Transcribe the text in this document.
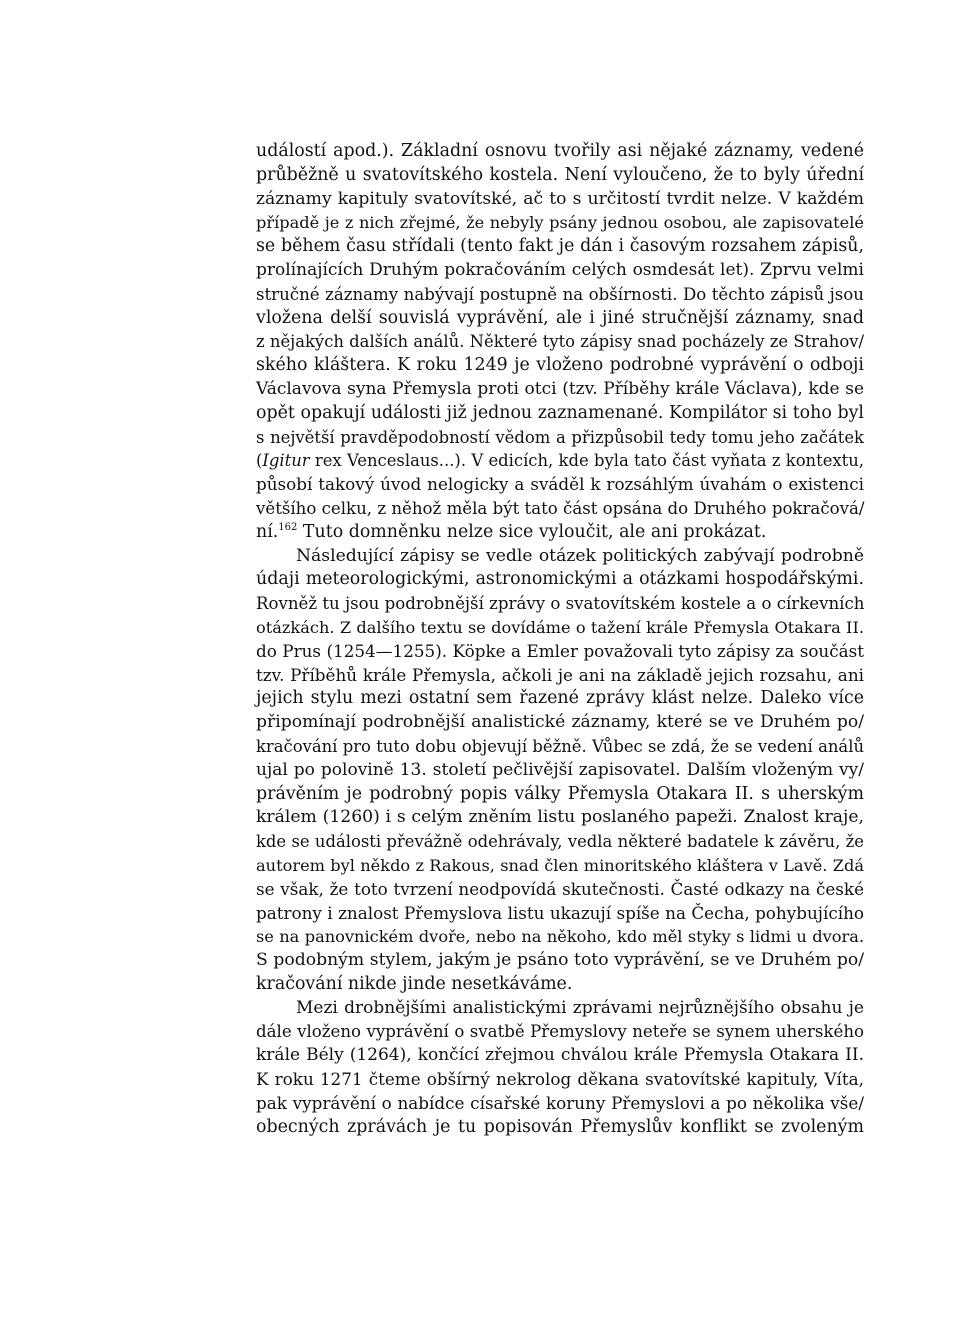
událostí apod.). Základní osnovu tvořily asi nějaké záznamy, vedené
průběžně u svatovítského kostela. Není vyloučeno, že to byly úřední
záznamy kapituly svatovítské, ač to s určitostí tvrdit nelze. V každém
případě je z nich zřejmé, že nebyly psány jednou osobou, ale zapisovatelé
se během času střídali (tento fakt je dán i časovým rozsahem zápisů,
prolínajících Druhým pokračováním celých osmdesát let). Zprvu velmi
stručné záznamy nabývají postupně na obšírnosti. Do těchto zápisů jsou
vložena delší souvislá vyprávění, ale i jiné stručnější záznamy, snad
z nějakých dalších análů. Některé tyto zápisy snad pocházely ze Strahov/
ského kláštera. K roku 1249 je vloženo podrobné vyprávění o odboji
Václavova syna Přemysla proti otci (tzv. Příběhy krále Václava), kde se
opět opakují události již jednou zaznamenané. Kompilátor si toho byl
s největší pravděpodobností vědom a přizpůsobil tedy tomu jeho začátek
(Igitur rex Venceslaus...). V edicích, kde byla tato část vyňata z kontextu,
působí takový úvod nelogicky a sváděl k rozsáhlým úvahám o existenci
většího celku, z něhož měla být tato část opsána do Druhého pokračová/
ní.$^{162}$ Tuto domněnku nelze sice vyloučit, ale ani prokázat.
Následující zápisy se vedle otázek politických zabývají podrobně
údaji meteorologickými, astronomickými a otázkami hospodářskými.
Rovněž tu jsou podrobnější zprávy o svatovítském kostele a o církevních
otázkách. Z dalšího textu se dovídáme o tažení krále Přemysla Otakara II.
do Prus (1254—1255). Köpke a Emler považovali tyto zápisy za součást
tzv. Příběhů krále Přemysla, ačkoli je ani na základě jejich rozsahu, ani
jejich stylu mezi ostatní sem řazené zprávy klást nelze. Daleko více
připomínají podrobnější analistické záznamy, které se ve Druhém po/
kračování pro tuto dobu objevují běžně. Vůbec se zdá, že se vedení análů
ujal po polovině 13. století pečlivější zapisovatel. Dalším vloženým vy/
právěním je podrobný popis války Přemysla Otakara II. s uherským
králem (1260) i s celým zněním listu poslaného papeži. Znalost kraje,
kde se události převážně odehrávaly, vedla některé badatele k závěru, že
autorem byl někdo z Rakous, snad člen minoritského kláštera v Lavě. Zdá
se však, že toto tvrzení neodpovídá skutečnosti. Časté odkazy na české
patrony i znalost Přemyslova listu ukazují spíše na Čecha, pohybujícího
se na panovnickém dvoře, nebo na někoho, kdo měl styky s lidmi u dvora.
S podobným stylem, jakým je psáno toto vyprávění, se ve Druhém po/
kračování nikde jinde nesetkáváme.
Mezi drobnějšími analistickými zprávami nejrůznějšího obsahu je
dále vloženo vyprávění o svatbě Přemyslovy neteře se synem uherského
krále Bély (1264), končící zřejmou chválou krále Přemysla Otakara II.
K roku 1271 čteme obšírný nekrolog děkana svatovítské kapituly, Víta,
pak vyprávění o nabídce císařské koruny Přemyslovi a po několika vše/
obecných zprávách je tu popisován Přemyslův konflikt se zvoleným
